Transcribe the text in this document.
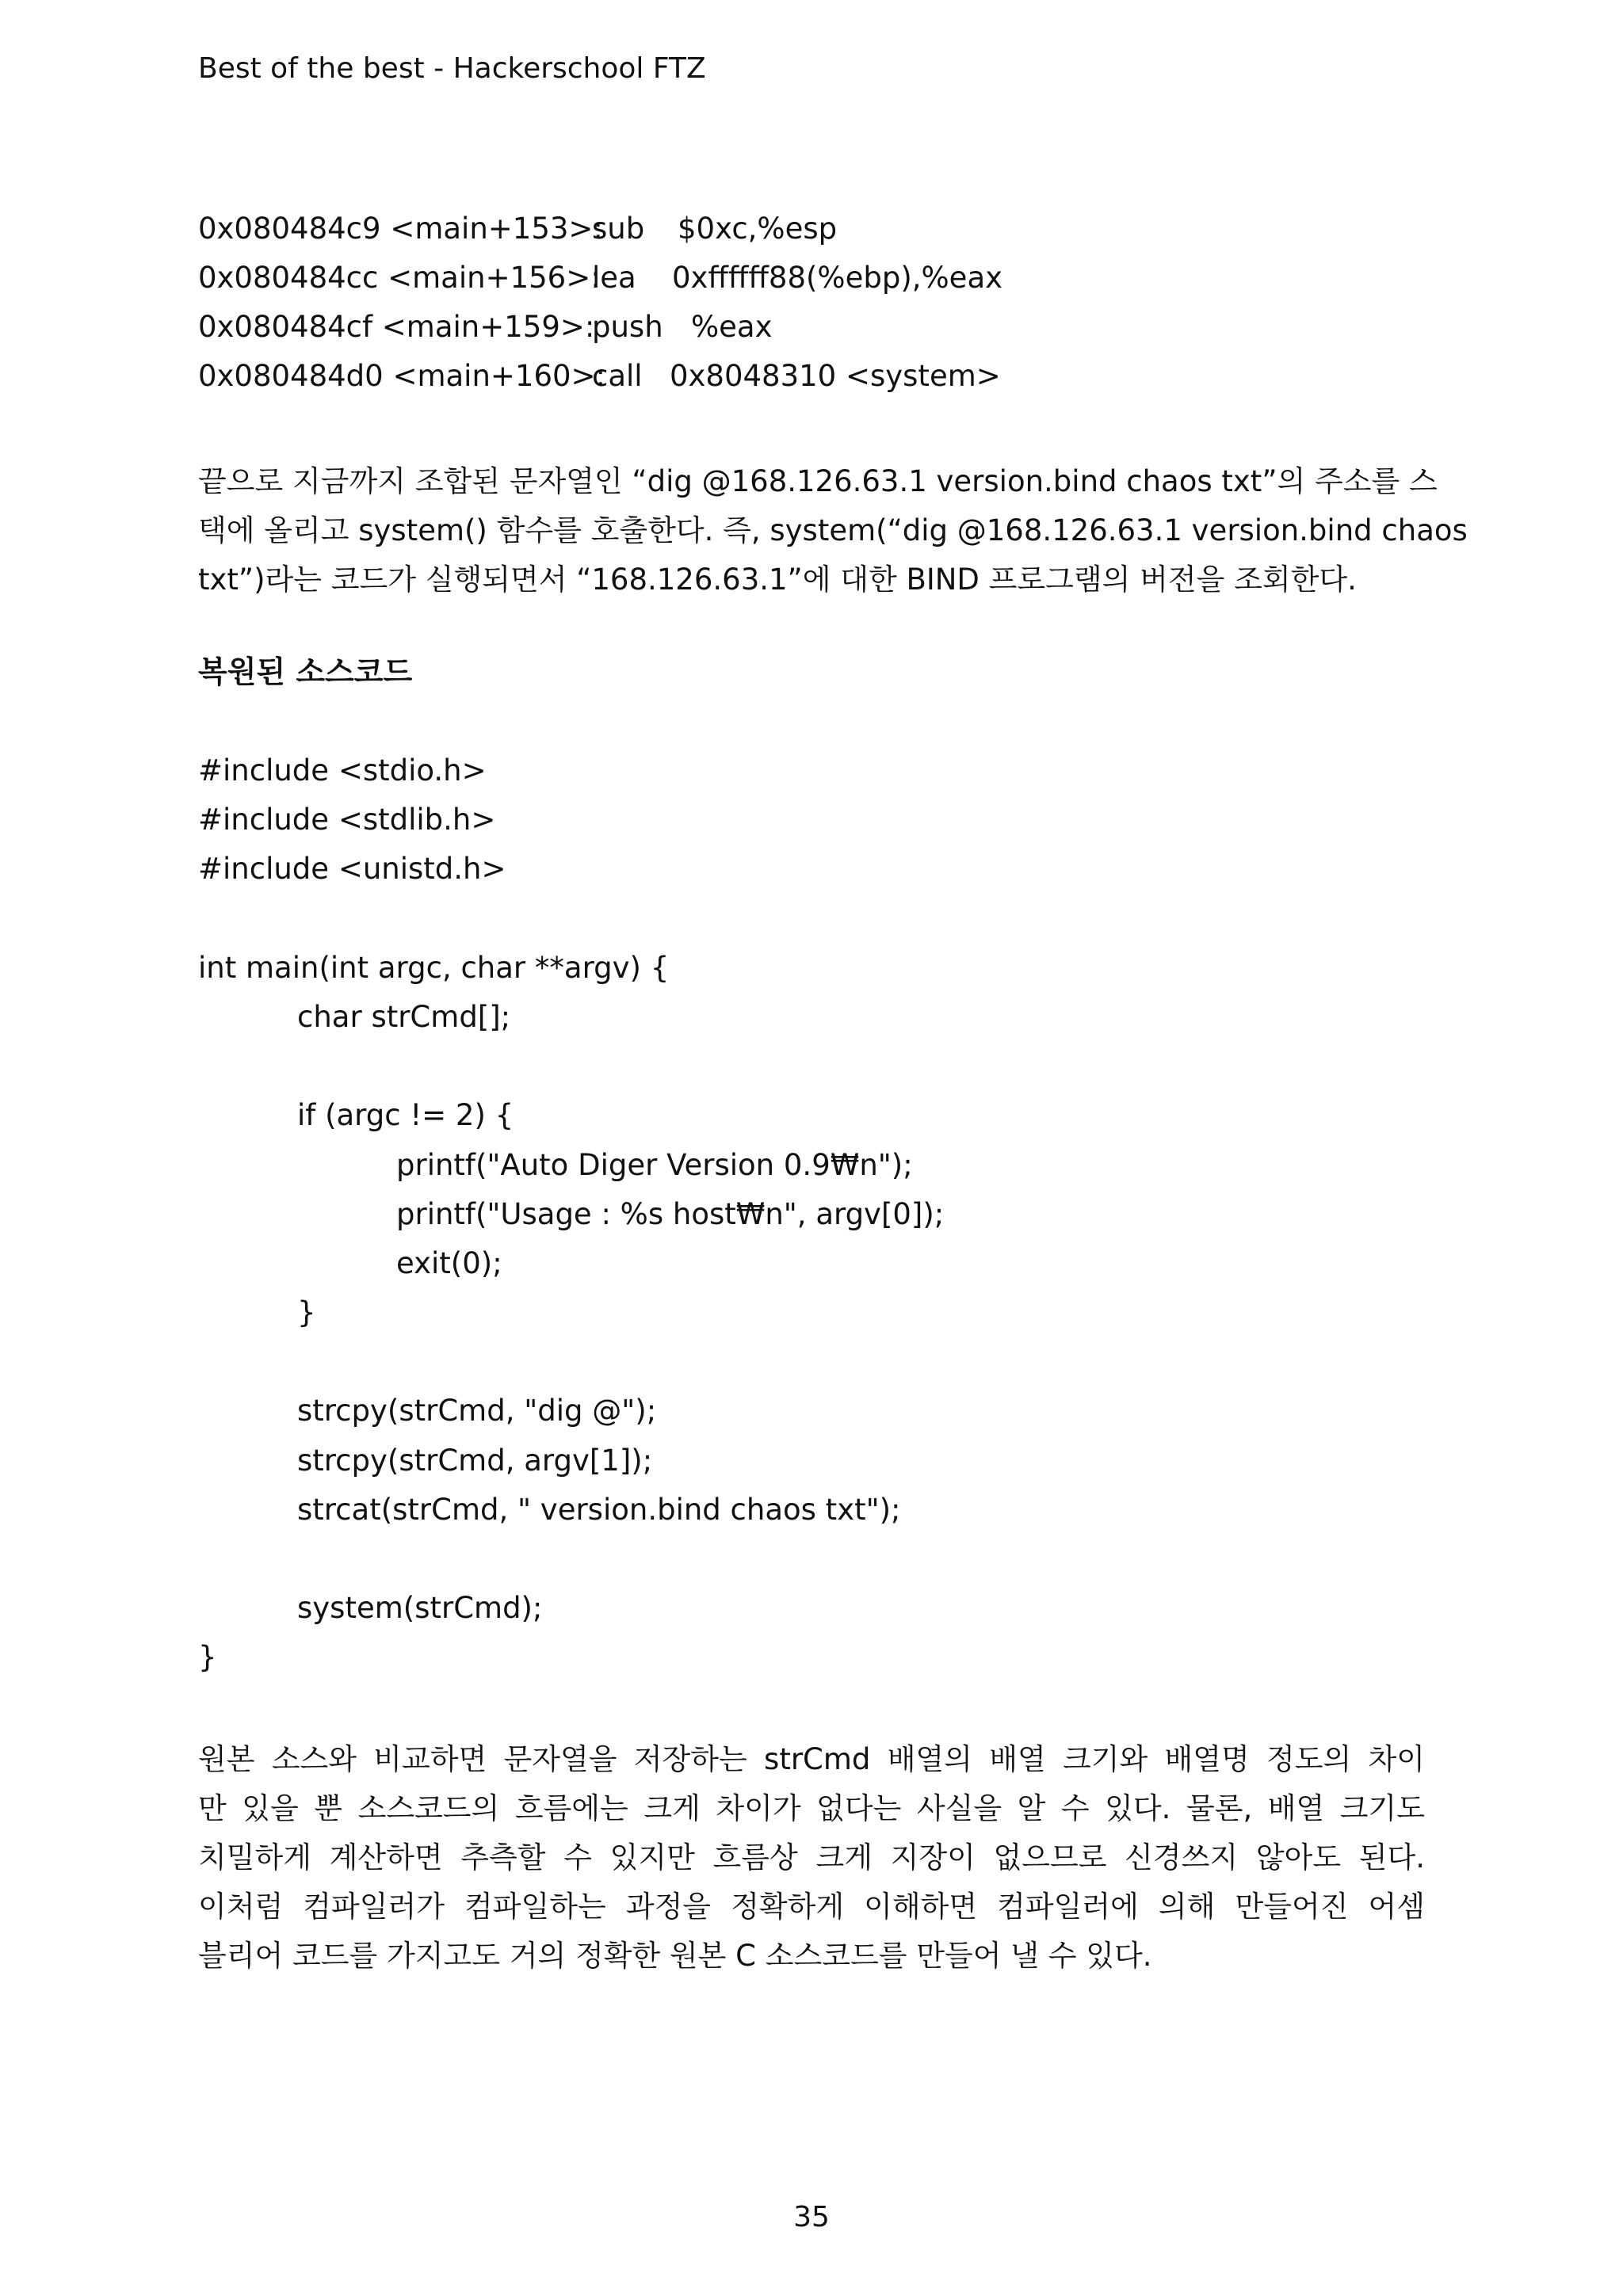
Best of the best - Hackerschool FTZ

0x080484c9 <main+153>:

sub

$0xc,%esp

0x080484cc <main+156>:

lea

0xffffff88(%ebp),%eax

0x080484cf <main+159>:

push

%eax

0x080484d0 <main+160>:

call

0x8048310 <system>

끝으로 지금까지 조합된 문자열인 “dig @168.126.63.1 version.bind chaos txt”의 주소를 스
택에 올리고 system() 함수를 호출한다. 즉, system(“dig @168.126.63.1 version.bind chaos
txt”)라는 코드가 실행되면서 “168.126.63.1”에 대한 BIND 프로그램의 버전을 조회한다.
복원된 소스코드
#include <stdio.h>
#include <stdlib.h>
#include <unistd.h>

int main(int argc, char **argv) {
char strCmd[];

if (argc != 2) {
printf("Auto Diger Version 0.9₩n");
printf("Usage : %s host₩n", argv[0]);
exit(0);
}

strcpy(strCmd, "dig @");
strcpy(strCmd, argv[1]);
strcat(strCmd, " version.bind chaos txt");

system(strCmd);
}
원본 소스와 비교하면 문자열을 저장하는 strCmd 배열의 배열 크기와 배열명 정도의 차이
만 있을 뿐 소스코드의 흐름에는 크게 차이가 없다는 사실을 알 수 있다. 물론, 배열 크기도
치밀하게 계산하면 추측할 수 있지만 흐름상 크게 지장이 없으므로 신경쓰지 않아도 된다.
이처럼 컴파일러가 컴파일하는 과정을 정확하게 이해하면 컴파일러에 의해 만들어진 어셈
블리어 코드를 가지고도 거의 정확한 원본 C 소스코드를 만들어 낼 수 있다.
35
